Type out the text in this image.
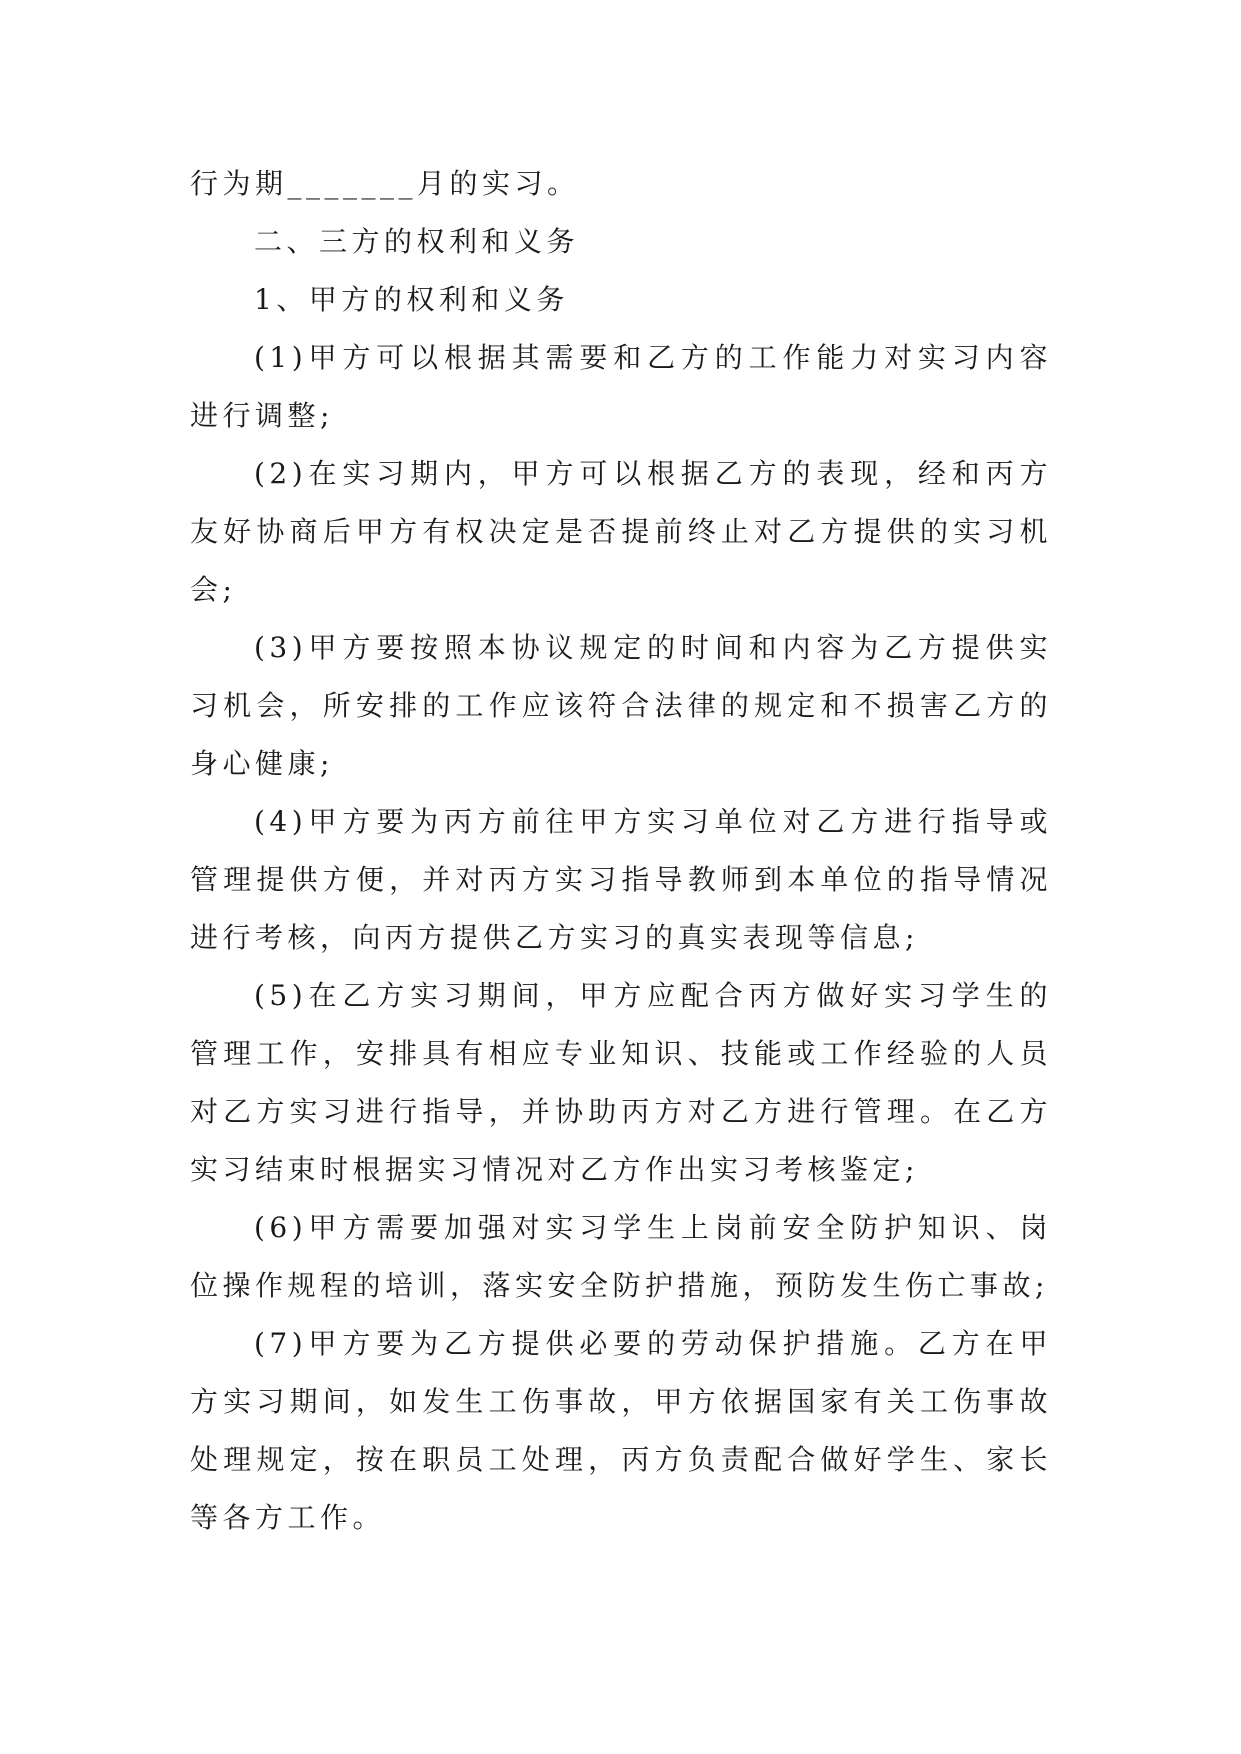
行为期_______月的实习。

二、三方的权利和义务

1、甲方的权利和义务

(1)甲方可以根据其需要和乙方的工作能力对实习内容进行调整;

(2)在实习期内，甲方可以根据乙方的表现，经和丙方友好协商后甲方有权决定是否提前终止对乙方提供的实习机会;

(3)甲方要按照本协议规定的时间和内容为乙方提供实习机会，所安排的工作应该符合法律的规定和不损害乙方的身心健康;

(4)甲方要为丙方前往甲方实习单位对乙方进行指导或管理提供方便，并对丙方实习指导教师到本单位的指导情况进行考核，向丙方提供乙方实习的真实表现等信息;

(5)在乙方实习期间，甲方应配合丙方做好实习学生的管理工作，安排具有相应专业知识、技能或工作经验的人员对乙方实习进行指导，并协助丙方对乙方进行管理。在乙方实习结束时根据实习情况对乙方作出实习考核鉴定;

(6)甲方需要加强对实习学生上岗前安全防护知识、岗位操作规程的培训，落实安全防护措施，预防发生伤亡事故;

(7)甲方要为乙方提供必要的劳动保护措施。乙方在甲方实习期间，如发生工伤事故，甲方依据国家有关工伤事故处理规定，按在职员工处理，丙方负责配合做好学生、家长等各方工作。
